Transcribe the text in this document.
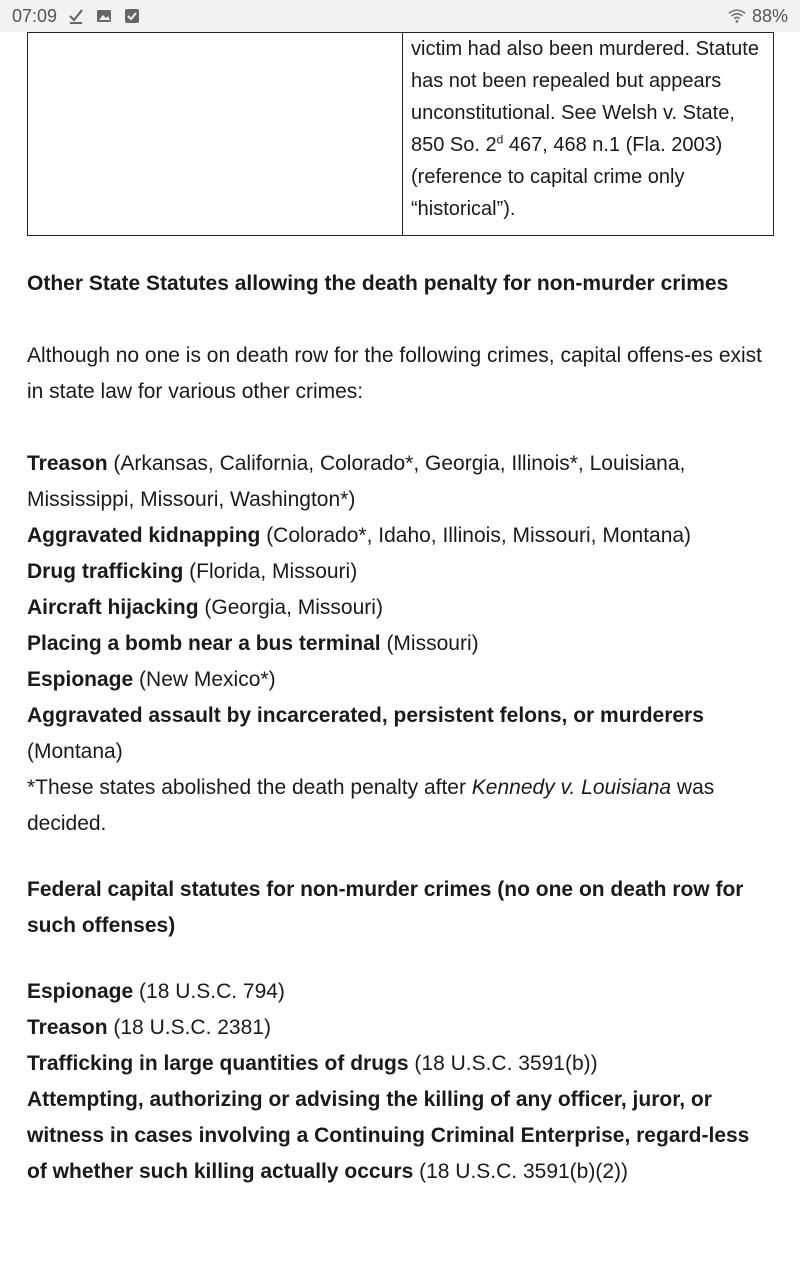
07:09	88%
	victim had also been murdered. Statute has not been repealed but appears unconstitutional. See Welsh v. State, 850 So. 2$^d$ 467, 468 n.1 (Fla. 2003) (reference to capital crime only “historical”).

Other State Statutes allowing the death penalty for non-murder crimes

Although no one is on death row for the following crimes, capital offens-es exist in state law for various other crimes:

Treason (Arkansas, California, Colorado*, Georgia, Illinois*, Louisiana, Mississippi, Missouri, Washington*)

Aggravated kidnapping (Colorado*, Idaho, Illinois, Missouri, Montana)

Drug trafficking (Florida, Missouri)

Aircraft hijacking (Georgia, Missouri)

Placing a bomb near a bus terminal (Missouri)

Espionage (New Mexico*)

Aggravated assault by incarcerated, persistent felons, or murderers (Montana)

*These states abolished the death penalty after Kennedy v. Louisiana was decided.

Federal capital statutes for non-murder crimes (no one on death row for such offenses)

Espionage (18 U.S.C. 794)

Treason (18 U.S.C. 2381)

Trafficking in large quantities of drugs (18 U.S.C. 3591(b))

Attempting, authorizing or advising the killing of any officer, juror, or witness in cases involving a Continuing Criminal Enterprise, regard-less of whether such killing actually occurs (18 U.S.C. 3591(b)(2))
